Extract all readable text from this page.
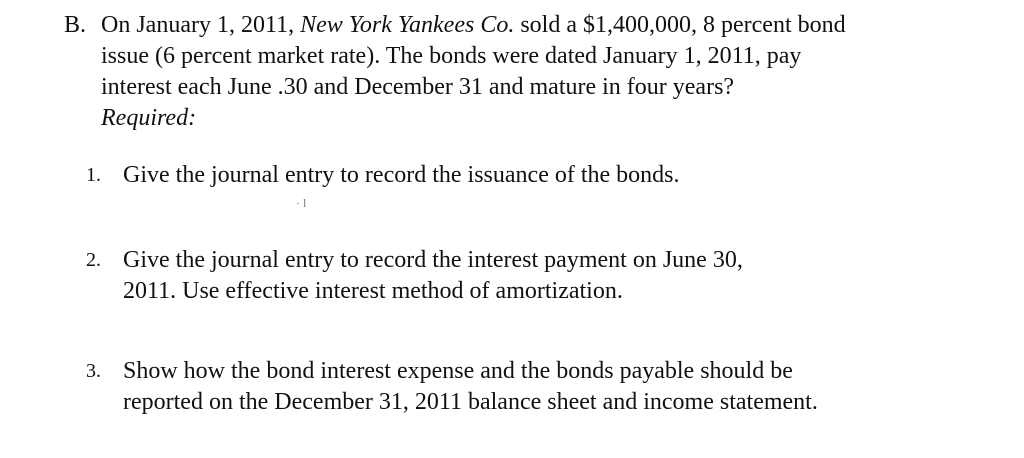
B. On January 1, 2011, New York Yankees Co. sold a $1,400,000, 8 percent bond
issue (6 percent market rate). The bonds were dated January 1, 2011, pay
interest each June .30 and December 31 and mature in four years?
Required:
1. Give the journal entry to record the issuance of the bonds.
· l
2. Give the journal entry to record the interest payment on June 30,
2011. Use effective interest method of amortization.
3. Show how the bond interest expense and the bonds payable should be
reported on the December 31, 2011 balance sheet and income statement.
